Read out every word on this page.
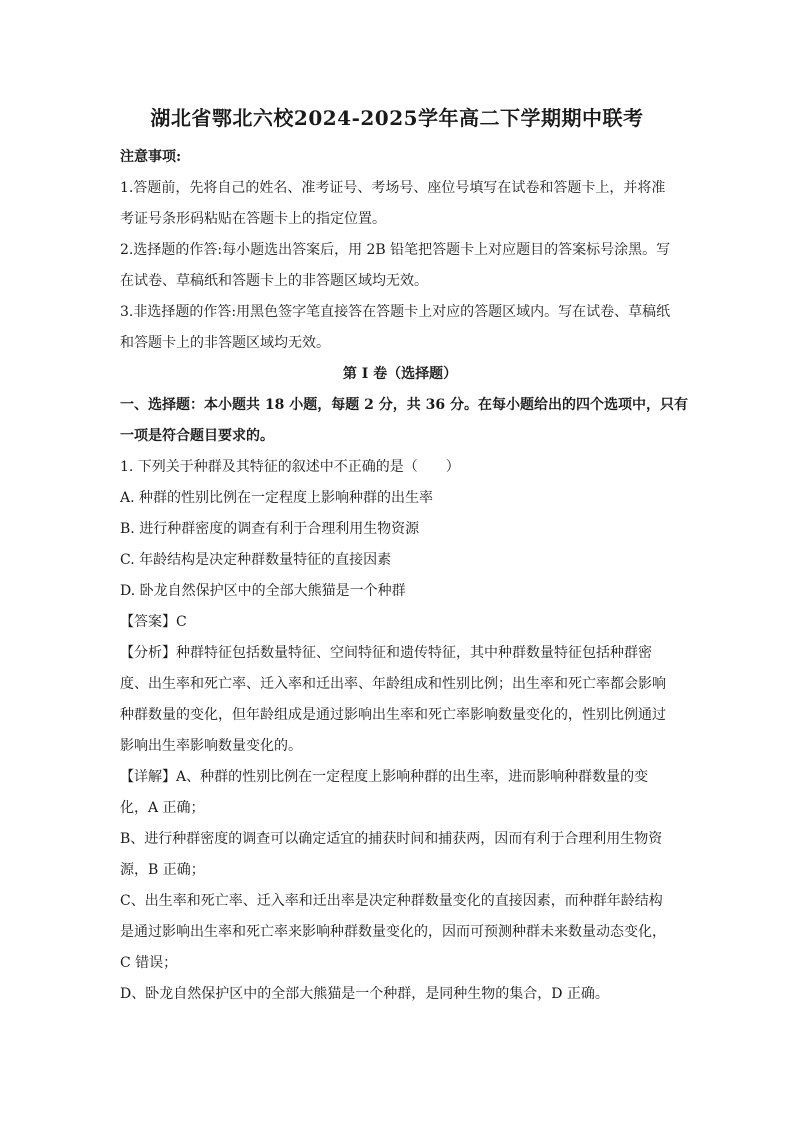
湖北省鄂北六校2024-2025学年高二下学期期中联考
注意事项:
1.答题前，先将自己的姓名、准考证号、考场号、座位号填写在试卷和答题卡上，并将准
考证号条形码粘贴在答题卡上的指定位置。
2.选择题的作答:每小题选出答案后，用 2B 铅笔把答题卡上对应题目的答案标号涂黑。写
在试卷、草稿纸和答题卡上的非答题区域均无效。
3.非选择题的作答:用黑色签字笔直接答在答题卡上对应的答题区域内。写在试卷、草稿纸
和答题卡上的非答题区域均无效。
第 I 卷（选择题）
一、选择题：本小题共 18 小题，每题 2 分，共 36 分。在每小题给出的四个选项中，只有
一项是符合题目要求的。
1. 下列关于种群及其特征的叙述中不正确的是（　　）
A. 种群的性别比例在一定程度上影响种群的出生率
B. 进行种群密度的调查有利于合理利用生物资源
C. 年龄结构是决定种群数量特征的直接因素
D. 卧龙自然保护区中的全部大熊猫是一个种群
【答案】C
【分析】种群特征包括数量特征、空间特征和遗传特征，其中种群数量特征包括种群密
度、出生率和死亡率、迁入率和迁出率、年龄组成和性别比例；出生率和死亡率都会影响
种群数量的变化，但年龄组成是通过影响出生率和死亡率影响数量变化的，性别比例通过
影响出生率影响数量变化的。
【详解】A、种群的性别比例在一定程度上影响种群的出生率，进而影响种群数量的变
化，A 正确；
B、进行种群密度的调查可以确定适宜的捕获时间和捕获两，因而有利于合理利用生物资
源，B 正确；
C、出生率和死亡率、迁入率和迁出率是决定种群数量变化的直接因素，而种群年龄结构
是通过影响出生率和死亡率来影响种群数量变化的，因而可预测种群未来数量动态变化，
C 错误；
D、卧龙自然保护区中的全部大熊猫是一个种群，是同种生物的集合，D 正确。
